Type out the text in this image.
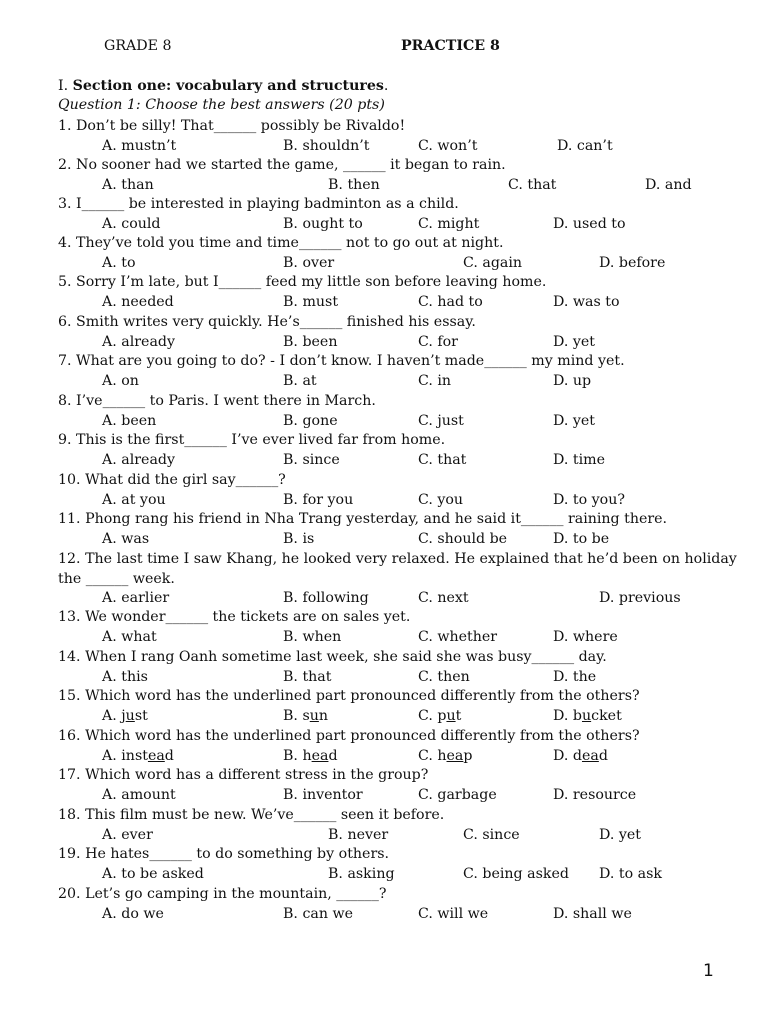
GRADE 8	PRACTICE 8
I. Section one: vocabulary and structures.
Question 1: Choose the best answers (20 pts)
1. Don’t be silly! That______ possibly be Rivaldo!
A. mustn’t	B. shouldn’t	C. won’t	D. can’t
2. No sooner had we started the game, ______ it began to rain.
A. than	B. then	C. that	D. and
3. I______ be interested in playing badminton as a child.
A. could	B. ought to	C. might	D. used to
4. They’ve told you time and time______ not to go out at night.
A. to	B. over	C. again	D. before
5. Sorry I’m late, but I______ feed my little son before leaving home.
A. needed	B. must	C. had to	D. was to
6. Smith writes very quickly. He’s______ finished his essay.
A. already	B. been	C. for	D. yet
7. What are you going to do? - I don’t know. I haven’t made______ my mind yet.
A. on	B. at	C. in	D. up
8. I’ve______ to Paris. I went there in March.
A. been	B. gone	C. just	D. yet
9. This is the first______ I’ve ever lived far from home.
A. already	B. since	C. that	D. time
10. What did the girl say______?
A. at you	B. for you	C. you	D. to you?
11. Phong rang his friend in Nha Trang yesterday, and he said it______ raining there.
A. was	B. is	C. should be	D. to be
12. The last time I saw Khang, he looked very relaxed. He explained that he’d been on holiday
the ______ week.
A. earlier	B. following	C. next	D. previous
13. We wonder______ the tickets are on sales yet.
A. what	B. when	C. whether	D. where
14. When I rang Oanh sometime last week, she said she was busy______ day.
A. this	B. that	C. then	D. the
15. Which word has the underlined part pronounced differently from the others?
A. just	B. sun	C. put	D. bucket
16. Which word has the underlined part pronounced differently from the others?
A. instead	B. head	C. heap	D. dead
17. Which word has a different stress in the group?
A. amount	B. inventor	C. garbage	D. resource
18. This film must be new. We’ve______ seen it before.
A. ever	B. never	C. since	D. yet
19. He hates______ to do something by others.
A. to be asked	B. asking	C. being asked D. to ask
20. Let’s go camping in the mountain, ______?
A. do we	B. can we	C. will we	D. shall we
1
